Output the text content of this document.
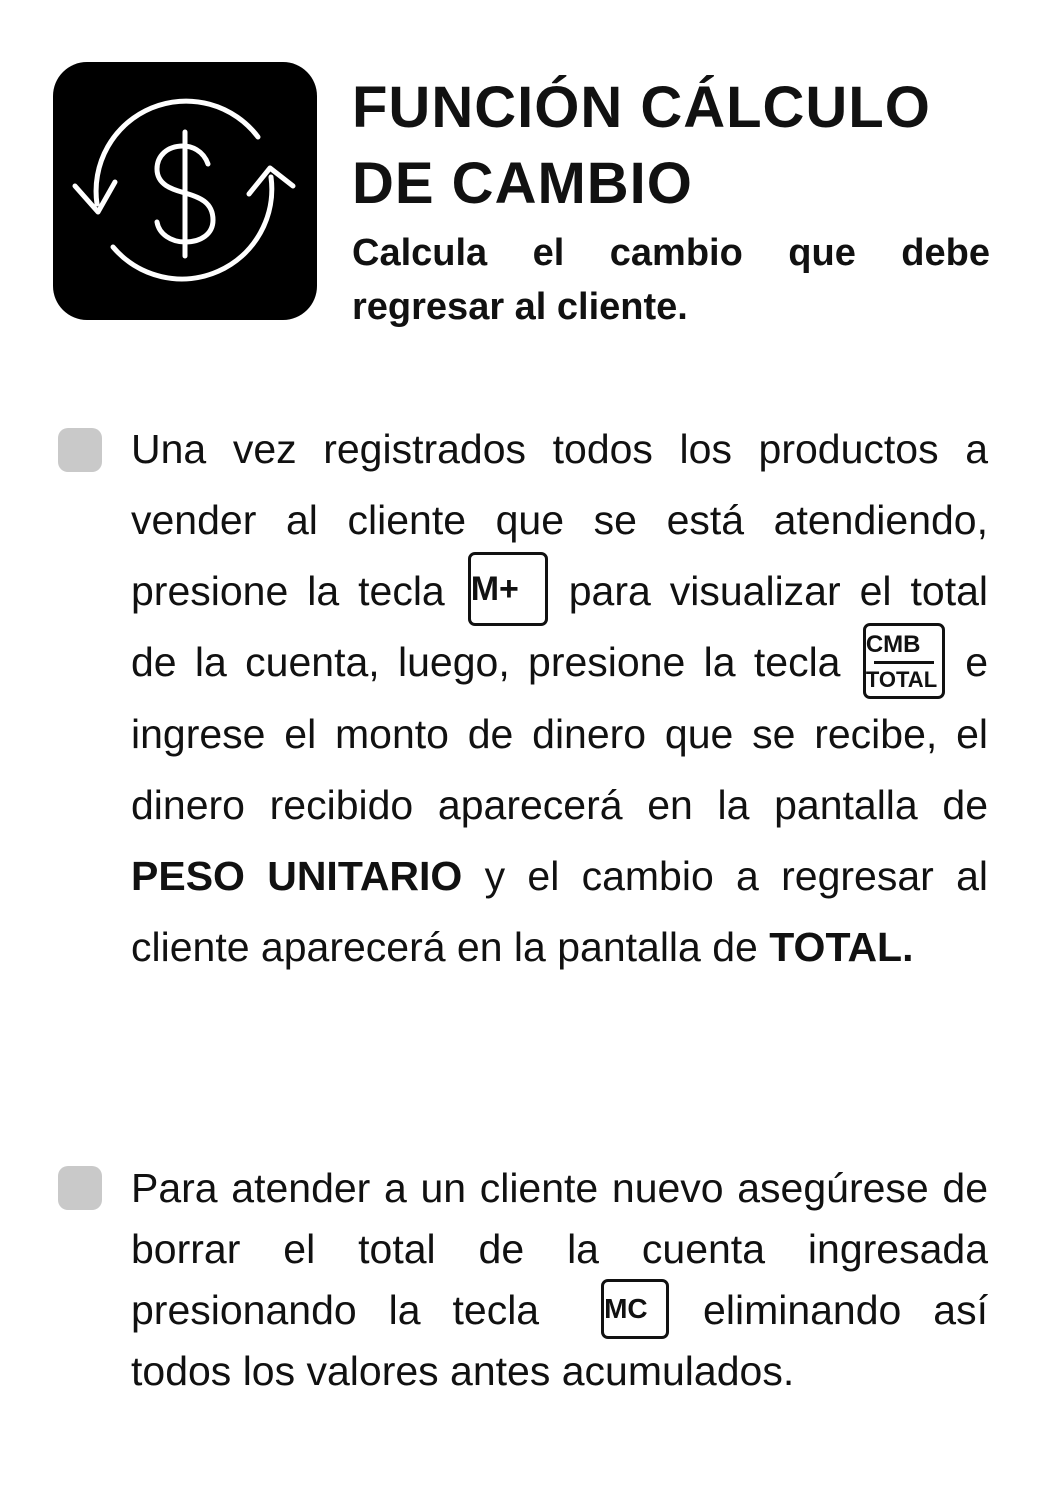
FUNCIÓN CÁLCULO
DE CAMBIO

Calcula el cambio que debe regresar al cliente.

Una vez registrados todos los productos a vender al cliente que se está atendiendo, presione la tecla M+ para visualizar el total de la cuenta, luego, presione la tecla CMB
TOTAL e ingrese el monto de dinero que se recibe, el dinero recibido aparecerá en la pantalla de PESO UNITARIO y el cambio a regresar al cliente aparecerá en la pantalla de TOTAL.

Para atender a un cliente nuevo asegúrese de borrar el total de la cuenta ingresada presionando la tecla MC eliminando así todos los valores antes acumulados.
